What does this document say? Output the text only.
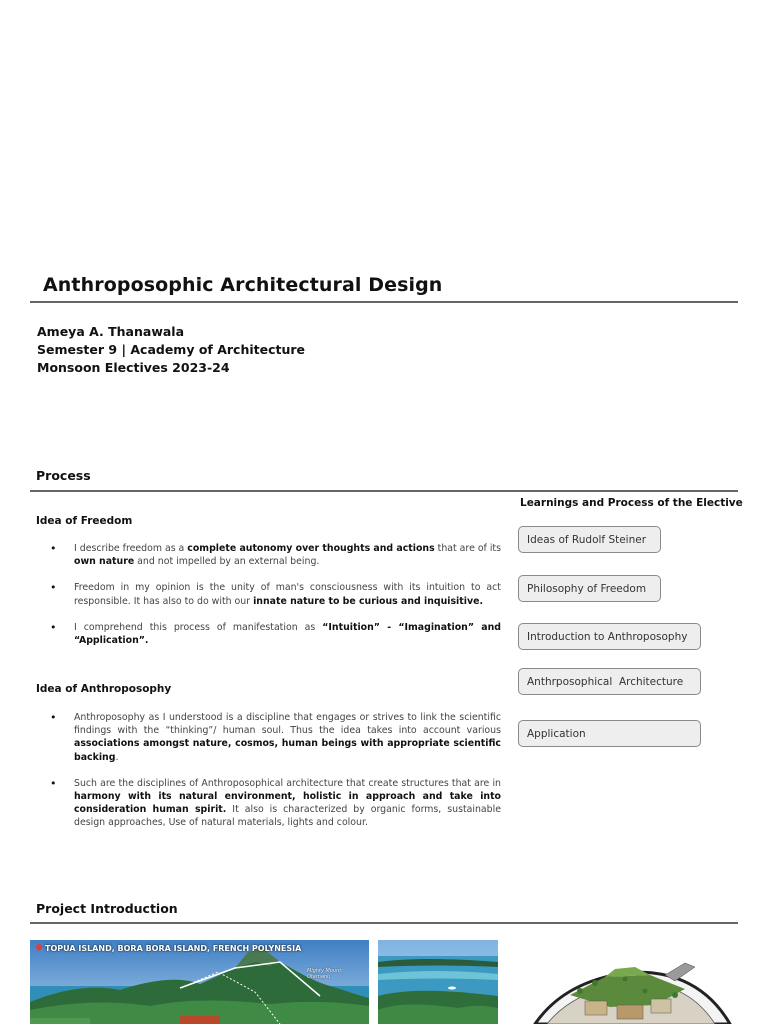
Anthroposophic Architectural Design
Ameya A. Thanawala
Semester 9 | Academy of Architecture
Monsoon Electives 2023-24
Process
Idea of Freedom
• I describe freedom as a complete autonomy over thoughts and actions that are of its own nature and not impelled by an external being.
• Freedom in my opinion is the unity of man's consciousness with its intuition to act responsible. It has also to do with our innate nature to be curious and inquisitive.
• I comprehend this process of manifestation as “Intuition” - “Imagination” and “Application”.
Idea of Anthroposophy
• Anthroposophy as I understood is a discipline that engages or strives to link the scientific findings with the “thinking”/ human soul. Thus the idea takes into account various associations amongst nature, cosmos, human beings with appropriate scientific backing.
• Such are the disciplines of Anthroposophical architecture that create structures that are in harmony with its natural environment, holistic in approach and take into consideration human spirit. It also is characterized by organic forms, sustainable design approaches, Use of natural materials, lights and colour.
Learnings and Process of the Elective
Ideas of Rudolf Steiner
Philosophy of Freedom
Introduction to Anthroposophy
Anthrposophical  Architecture
Application
Project Introduction
TOPUA ISLAND, BORA BORA ISLAND, FRENCH POLYNESIA
Mighty Mount Otemanu
